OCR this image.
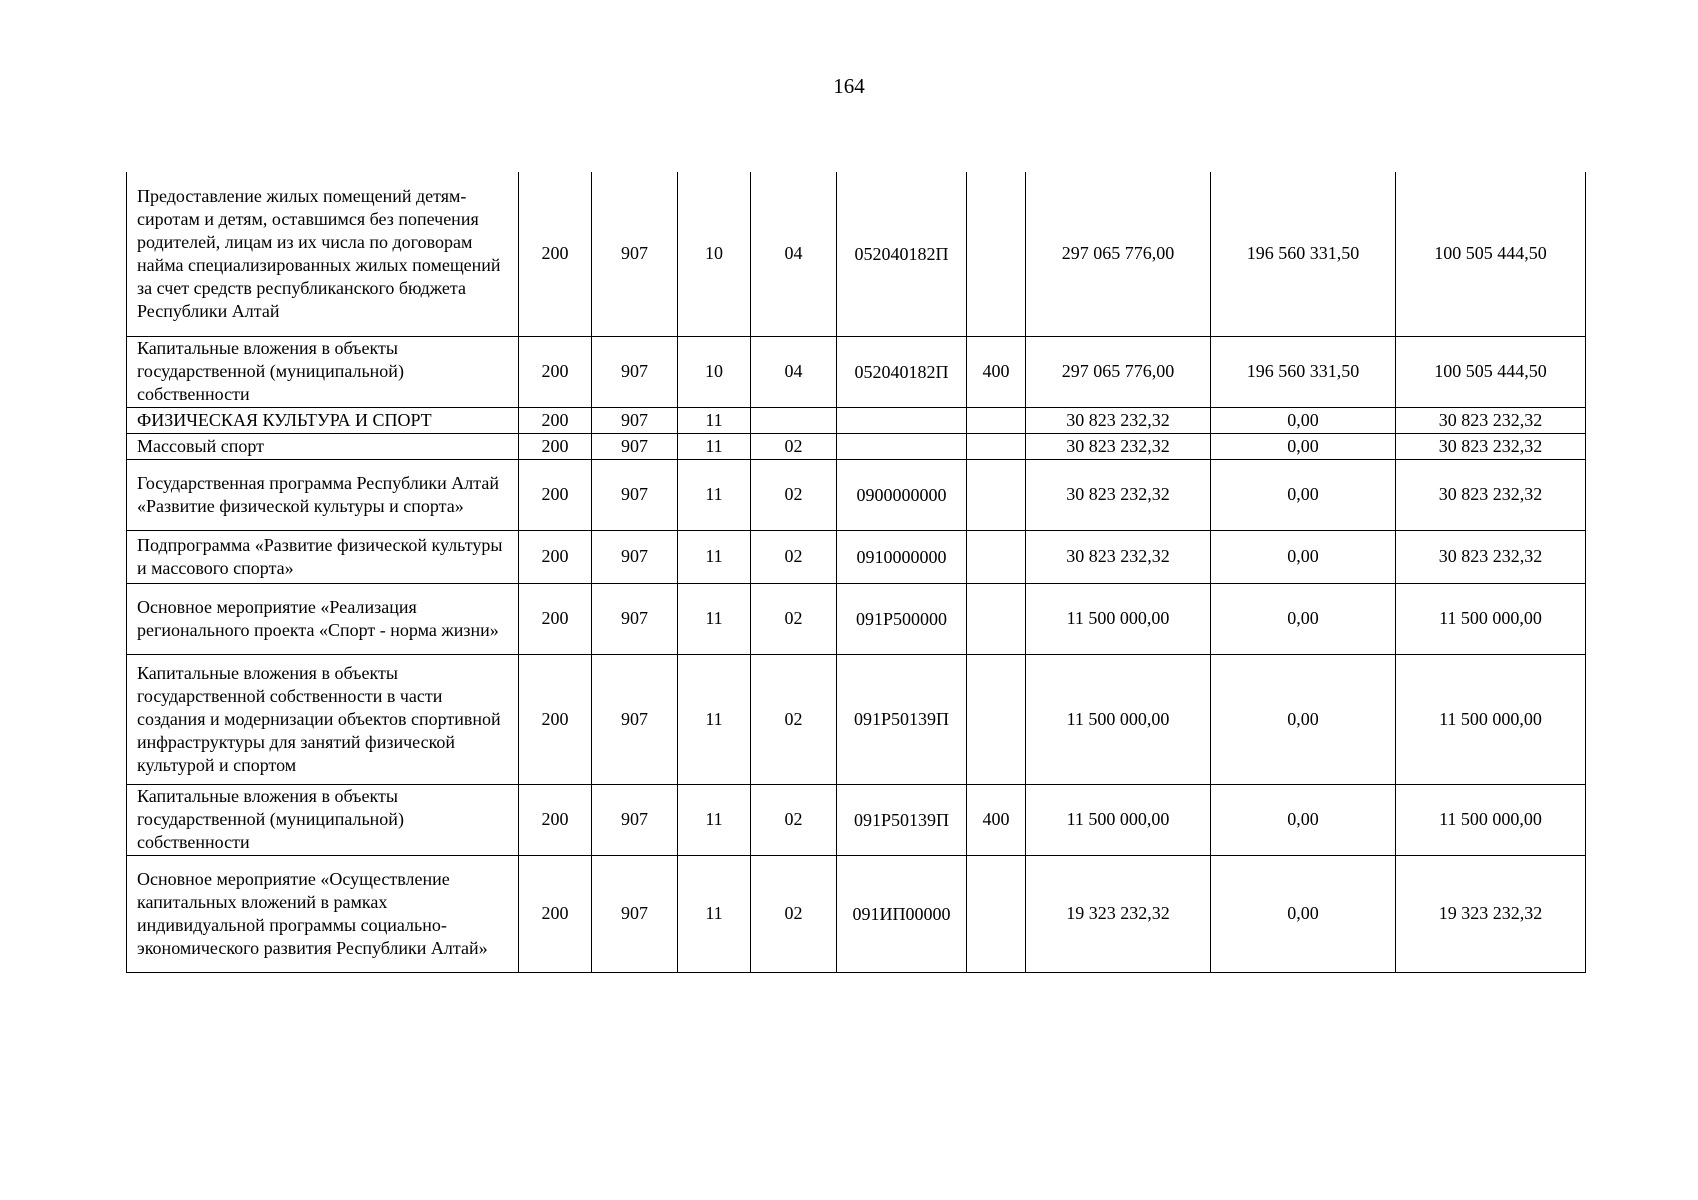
164
Предоставление жилых помещений детям-сиротам и детям, оставшимся без попечения родителей, лицам из их числа по договорам найма специализированных жилых помещений за счет средств республиканского бюджета Республики Алтай	200	907	10	04	052040182П		297 065 776,00	196 560 331,50	100 505 444,50
Капитальные вложения в объекты государственной (муниципальной) собственности	200	907	10	04	052040182П	400	297 065 776,00	196 560 331,50	100 505 444,50
ФИЗИЧЕСКАЯ КУЛЬТУРА И СПОРТ	200	907	11				30 823 232,32	0,00	30 823 232,32
Массовый спорт	200	907	11	02			30 823 232,32	0,00	30 823 232,32
Государственная программа Республики Алтай «Развитие физической культуры и спорта»	200	907	11	02	0900000000		30 823 232,32	0,00	30 823 232,32
Подпрограмма «Развитие физической культуры и массового спорта»	200	907	11	02	0910000000		30 823 232,32	0,00	30 823 232,32
Основное мероприятие «Реализация регионального проекта «Спорт - норма жизни»	200	907	11	02	091P500000		11 500 000,00	0,00	11 500 000,00
Капитальные вложения в объекты государственной собственности в части создания и модернизации объектов спортивной инфраструктуры для занятий физической культурой и спортом	200	907	11	02	091P50139П		11 500 000,00	0,00	11 500 000,00
Капитальные вложения в объекты государственной (муниципальной) собственности	200	907	11	02	091P50139П	400	11 500 000,00	0,00	11 500 000,00
Основное мероприятие «Осуществление капитальных вложений в рамках индивидуальной программы социально-экономического развития Республики Алтай»	200	907	11	02	091ИП00000		19 323 232,32	0,00	19 323 232,32
